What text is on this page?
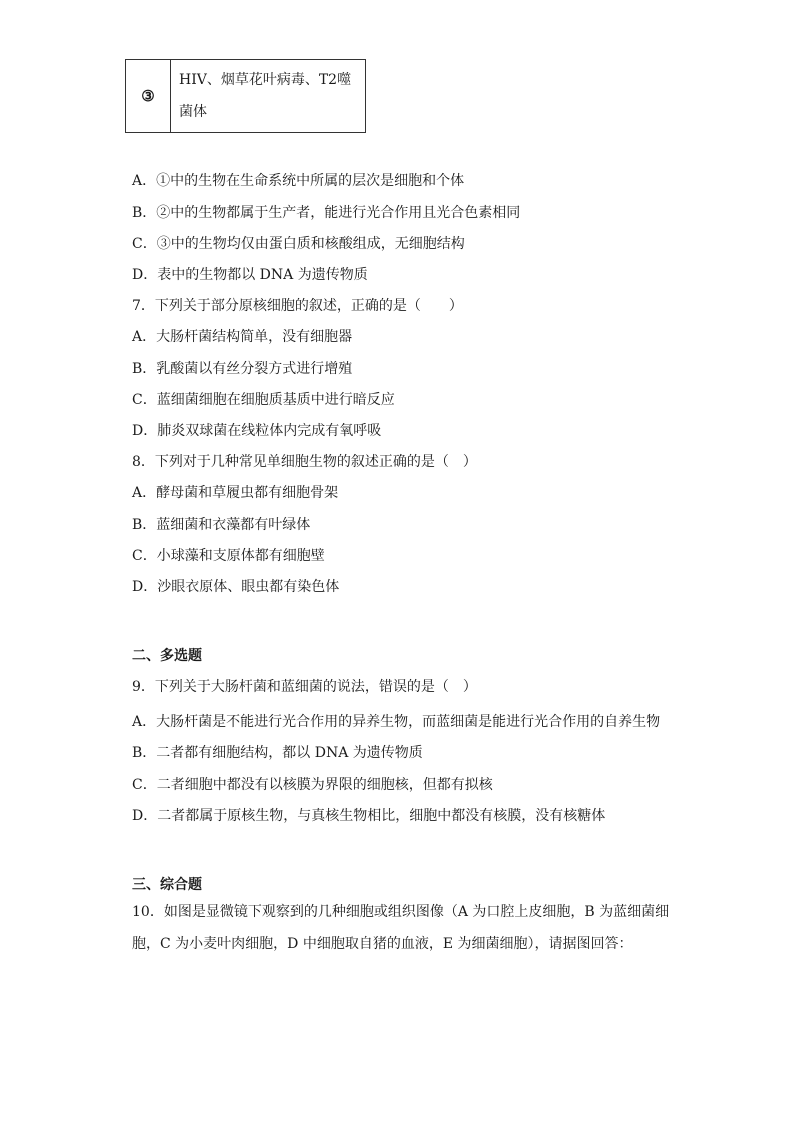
③	
HIV、烟草花叶病毒、T2噬菌体
A．①中的生物在生命系统中所属的层次是细胞和个体
B．②中的生物都属于生产者，能进行光合作用且光合色素相同
C．③中的生物均仅由蛋白质和核酸组成，无细胞结构
D．表中的生物都以 DNA 为遗传物质
7．下列关于部分原核细胞的叙述，正确的是（　　）
A．大肠杆菌结构简单，没有细胞器
B．乳酸菌以有丝分裂方式进行增殖
C．蓝细菌细胞在细胞质基质中进行暗反应
D．肺炎双球菌在线粒体内完成有氧呼吸
8．下列对于几种常见单细胞生物的叙述正确的是（　）
A．酵母菌和草履虫都有细胞骨架
B．蓝细菌和衣藻都有叶绿体
C．小球藻和支原体都有细胞壁
D．沙眼衣原体、眼虫都有染色体
二、多选题
9．下列关于大肠杆菌和蓝细菌的说法，错误的是（　）
A．大肠杆菌是不能进行光合作用的异养生物，而蓝细菌是能进行光合作用的自养生物
B．二者都有细胞结构，都以 DNA 为遗传物质
C．二者细胞中都没有以核膜为界限的细胞核，但都有拟核
D．二者都属于原核生物，与真核生物相比，细胞中都没有核膜，没有核糖体
三、综合题
10．如图是显微镜下观察到的几种细胞或组织图像（A 为口腔上皮细胞，B 为蓝细菌细
胞，C 为小麦叶肉细胞，D 中细胞取自猪的血液，E 为细菌细胞），请据图回答：
